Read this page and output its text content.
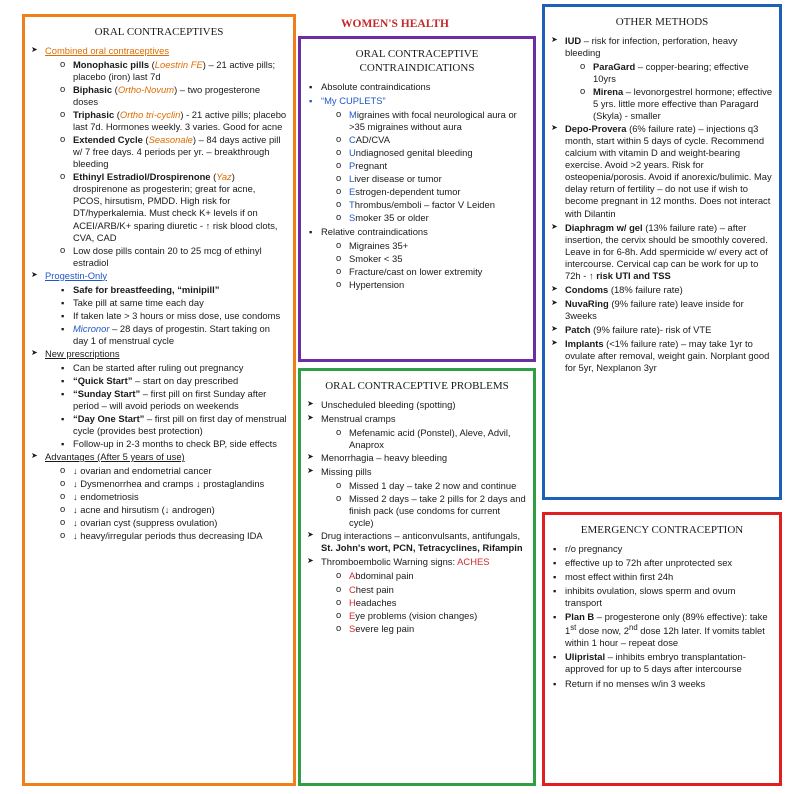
WOMEN'S HEALTH
ORAL CONTRACEPTIVES
➤ Combined oral contraceptives
o Monophasic pills (Loestrin FE) – 21 active pills; placebo (iron) last 7d
o Biphasic (Ortho-Novum) – two progesterone doses
o Triphasic (Ortho tri-cyclin) - 21 active pills; placebo last 7d. Hormones weekly. 3 varies. Good for acne
o Extended Cycle (Seasonale) – 84 days active pill w/ 7 free days. 4 periods per yr. – breakthrough bleeding
o Ethinyl Estradiol/Drospirenone (Yaz) drospirenone as progesterin; great for acne, PCOS, hirsutism, PMDD. High risk for DT/hyperkalemia. Must check K+ levels if on ACEI/ARB/K+ sparing diuretic - ↑ risk blood clots, CVA, CAD
o Low dose pills contain 20 to 25 mcg of ethinyl estradiol
➤ Progestin-Only
▪ Safe for breastfeeding, “minipill”
▪ Take pill at same time each day
▪ If taken late > 3 hours or miss dose, use condoms
▪ Micronor – 28 days of progestin. Start taking on day 1 of menstrual cycle
➤ New prescriptions
▪ Can be started after ruling out pregnancy
▪ “Quick Start” – start on day prescribed
▪ “Sunday Start” – first pill on first Sunday after period – will avoid periods on weekends
▪ “Day One Start” – first pill on first day of menstrual cycle (provides best protection)
▪ Follow-up in 2-3 months to check BP, side effects
➤ Advantages (After 5 years of use)
o ↓ ovarian and endometrial cancer
o ↓ Dysmenorrhea and cramps ↓ prostaglandins
o ↓ endometriosis
o ↓ acne and hirsutism (↓ androgen)
o ↓ ovarian cyst (suppress ovulation)
o ↓ heavy/irregular periods thus decreasing IDA
ORAL CONTRACEPTIVE CONTRAINDICATIONS
▪ Absolute contraindications
▪ “My CUPLETS”
o Migraines with focal neurological aura or >35 migraines without aura
o CAD/CVA
o Undiagnosed genital bleeding
o Pregnant
o Liver disease or tumor
o Estrogen-dependent tumor
o Thrombus/emboli – factor V Leiden
o Smoker 35 or older
▪ Relative contraindications
o Migraines 35+
o Smoker < 35
o Fracture/cast on lower extremity
o Hypertension
ORAL CONTRACEPTIVE PROBLEMS
➤ Unscheduled bleeding (spotting)
➤ Menstrual cramps
o Mefenamic acid (Ponstel), Aleve, Advil, Anaprox
➤ Menorrhagia – heavy bleeding
➤ Missing pills
o Missed 1 day – take 2 now and continue
o Missed 2 days – take 2 pills for 2 days and finish pack (use condoms for current cycle)
➤ Drug interactions – anticonvulsants, antifungals,
St. John's wort, PCN, Tetracyclines, Rifampin
➤ Thromboembolic Warning signs: ACHES
o Abdominal pain
o Chest pain
o Headaches
o Eye problems (vision changes)
o Severe leg pain
OTHER METHODS
➤ IUD – risk for infection, perforation, heavy bleeding
o ParaGard – copper-bearing; effective 10yrs
o Mirena – levonorgestrel hormone; effective 5 yrs. little more effective than Paragard (Skyla) - smaller
➤ Depo-Provera (6% failure rate) – injections q3 month, start within 5 days of cycle. Recommend calcium with vitamin D and weight-bearing exercise. Avoid >2 years. Risk for osteopenia/porosis. Avoid if anorexic/bulimic. May delay return of fertility – do not use if wish to become pregnant in 12 months. Does not interact with Dilantin
➤ Diaphragm w/ gel (13% failure rate) – after insertion, the cervix should be smoothly covered. Leave in for 6-8h. Add spermicide w/ every act of intercourse. Cervical cap can be work for up to 72h - ↑ risk UTI and TSS
➤ Condoms (18% failure rate)
➤ NuvaRing (9% failure rate) leave inside for 3weeks
➤ Patch (9% failure rate)- risk of VTE
➤ Implants (<1% failure rate) – may take 1yr to ovulate after removal, weight gain. Norplant good for 5yr, Nexplanon 3yr
EMERGENCY CONTRACEPTION
▪ r/o pregnancy
▪ effective up to 72h after unprotected sex
▪ most effect within first 24h
▪ inhibits ovulation, slows sperm and ovum transport
▪ Plan B – progesterone only (89% effective): take 1st dose now, 2nd dose 12h later. If vomits tablet within 1 hour – repeat dose
▪ Ulipristal – inhibits embryo transplantation-approved for up to 5 days after intercourse
▪ Return if no menses w/in 3 weeks
